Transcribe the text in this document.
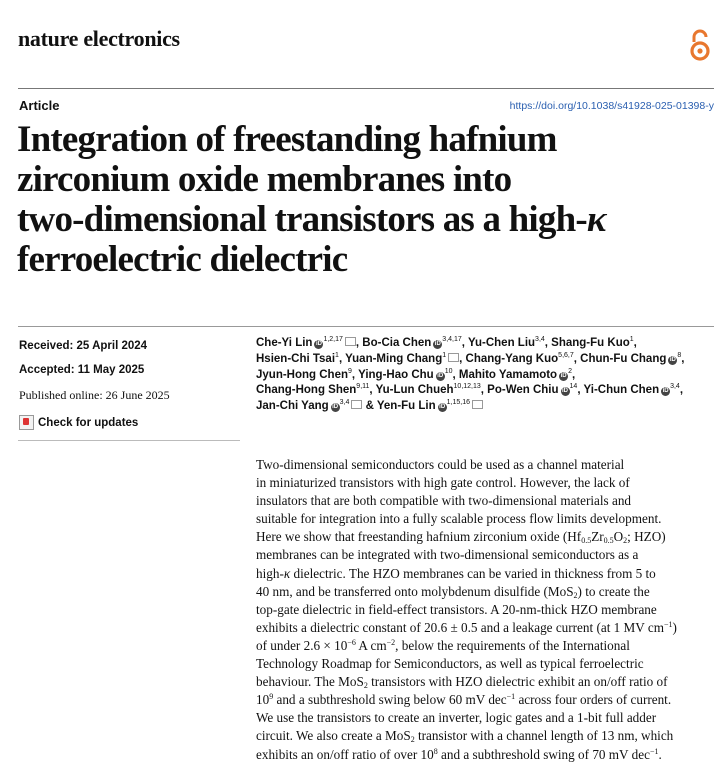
nature electronics
Article	https://doi.org/10.1038/s41928-025-01398-y
Integration of freestanding hafnium
zirconium oxide membranes into
two-dimensional transistors as a high-κ
ferroelectric dielectric
Received: 25 April 2024
Accepted: 11 May 2025
Published online: 26 June 2025
Check for updates
Che-Yi Lin iD$^{1,2,17}$ , Bo-Cia Chen iD$^{3,4,17}$, Yu-Chen Liu$^{3,4}$, Shang-Fu Kuo$^1$,
Hsien-Chi Tsai$^1$, Yuan-Ming Chang$^1$ , Chang-Yang Kuo$^{5,6,7}$, Chun-Fu Chang $iD^8$,
Jyun-Hong Chen$^9$, Ying-Hao Chu $iD^{10}$, Mahito Yamamoto $iD^2$,
Chang-Hong Shen$^{9,11}$, Yu-Lun Chueh$^{10,12,13}$, Po-Wen Chiu $iD^{14}$, Yi-Chun Chen iD$^{3,4}$,
Jan-Chi Yang iD$^{3,4}$ & Yen-Fu Lin iD$^{1,15,16}$
Two-dimensional semiconductors could be used as a channel material
in miniaturized transistors with high gate control. However, the lack of
insulators that are both compatible with two-dimensional materials and
suitable for integration into a fully scalable process flow limits development.
Here we show that freestanding hafnium zirconium oxide ($Hf_{0.5}Zr_{0.5}O_2$; HZO)
membranes can be integrated with two-dimensional semiconductors as a
high-κ dielectric. The HZO membranes can be varied in thickness from 5 to
40 nm, and be transferred onto molybdenum disulfide (MoS$_2$) to create the
top-gate dielectric in field-effect transistors. A 20-nm-thick HZO membrane
exhibits a dielectric constant of 20.6 ± 0.5 and a leakage current (at 1 MV $cm^{-1}$)
of under $2.6 \times 10^{-6}$ A $cm^{-2}$, below the requirements of the International
Technology Roadmap for Semiconductors, as well as typical ferroelectric
behaviour. The MoS$_2$ transistors with HZO dielectric exhibit an on/off ratio of
$10^9$ and a subthreshold swing below 60 mV dec$^{-1}$ across four orders of current.
We use the transistors to create an inverter, logic gates and a 1-bit full adder
circuit. We also create a MoS$_2$ transistor with a channel length of 13 nm, which
exhibits an on/off ratio of over $10^8$ and a subthreshold swing of 70 mV dec$^{-1}$.
